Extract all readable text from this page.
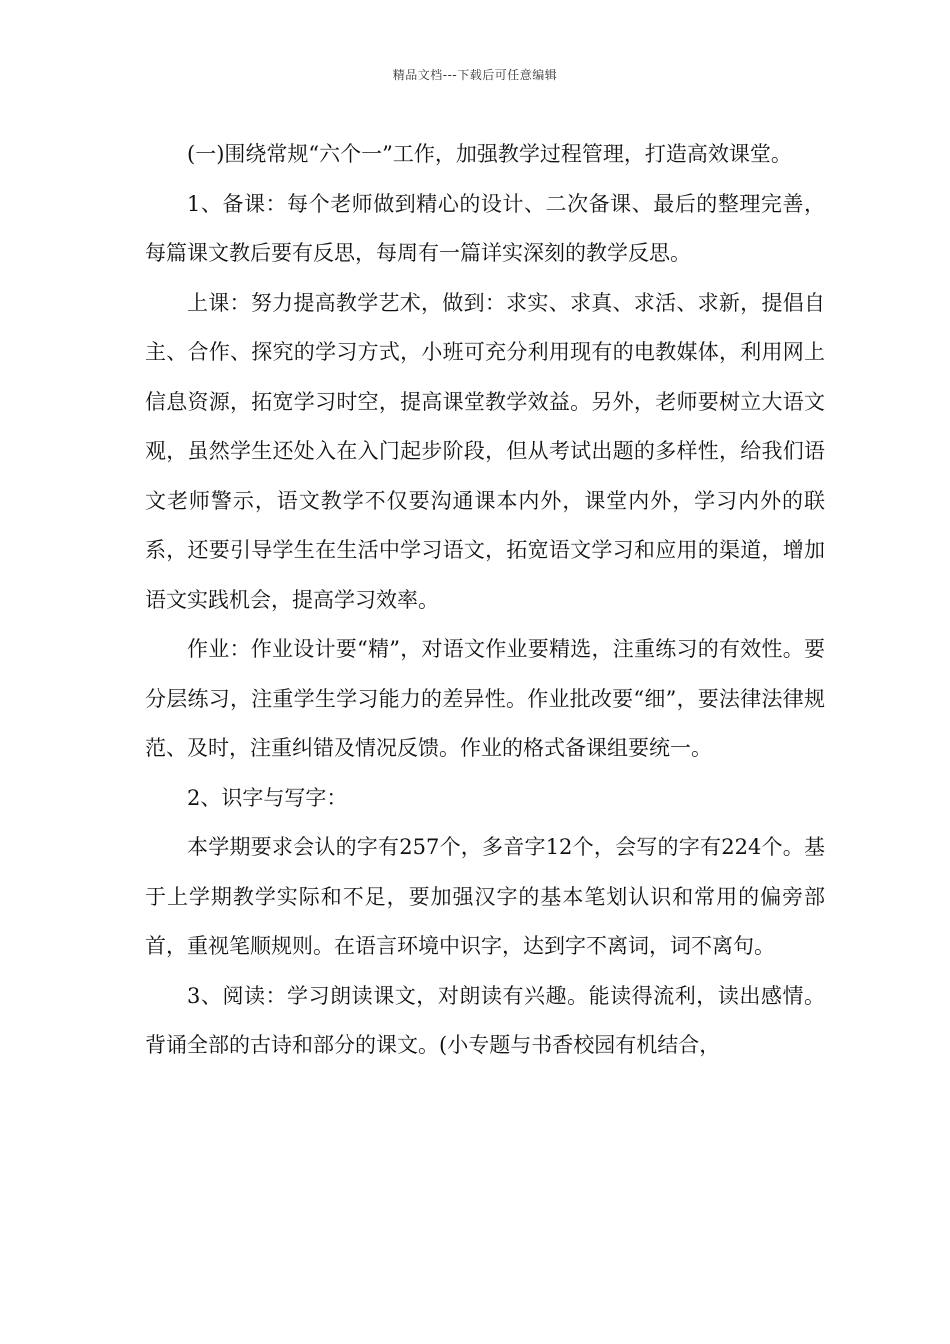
精品文档---下载后可任意编辑

(一)围绕常规“六个一”工作，加强教学过程管理，打造高效课堂。

1、备课：每个老师做到精心的设计、二次备课、最后的整理完善，每篇课文教后要有反思，每周有一篇详实深刻的教学反思。

上课：努力提高教学艺术，做到：求实、求真、求活、求新，提倡自主、合作、探究的学习方式，小班可充分利用现有的电教媒体，利用网上信息资源，拓宽学习时空，提高课堂教学效益。另外，老师要树立大语文观，虽然学生还处入在入门起步阶段，但从考试出题的多样性，给我们语文老师警示，语文教学不仅要沟通课本内外，课堂内外，学习内外的联系，还要引导学生在生活中学习语文，拓宽语文学习和应用的渠道，增加语文实践机会，提高学习效率。

作业：作业设计要“精”，对语文作业要精选，注重练习的有效性。要分层练习，注重学生学习能力的差异性。作业批改要“细”，要法律法律规范、及时，注重纠错及情况反馈。作业的格式备课组要统一。

2、识字与写字：

本学期要求会认的字有257个，多音字12个，会写的字有224个。基于上学期教学实际和不足，要加强汉字的基本笔划认识和常用的偏旁部首，重视笔顺规则。在语言环境中识字，达到字不离词，词不离句。

3、阅读：学习朗读课文，对朗读有兴趣。能读得流利，读出感情。背诵全部的古诗和部分的课文。(小专题与书香校园有机结合，
